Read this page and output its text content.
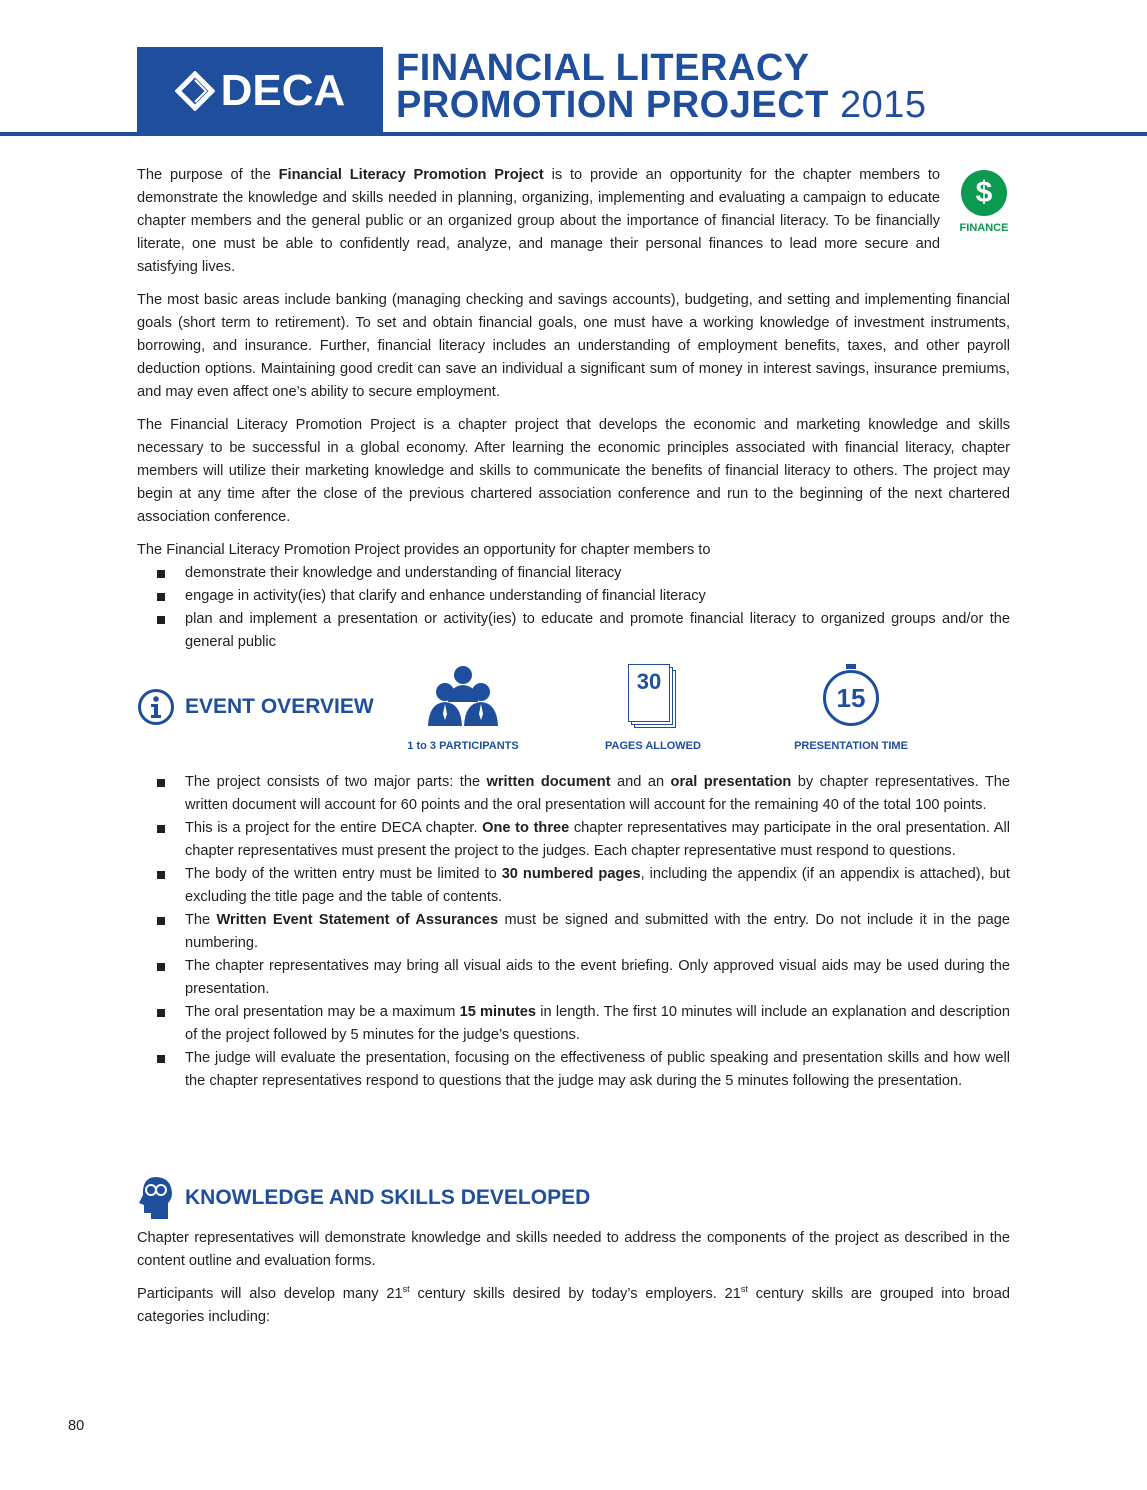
DECA FINANCIAL LITERACY
PROMOTION PROJECT 2015
$
FINANCE

The purpose of the Financial Literacy Promotion Project is to provide an opportunity for the chapter members to demonstrate the knowledge and skills needed in planning, organizing, implementing and evaluating a campaign to educate chapter members and the general public or an organized group about the importance of financial literacy. To be financially literate, one must be able to confidently read, analyze, and manage their personal finances to lead more secure and satisfying lives.

The most basic areas include banking (managing checking and savings accounts), budgeting, and setting and implementing financial goals (short term to retirement). To set and obtain financial goals, one must have a working knowledge of investment instruments, borrowing, and insurance. Further, financial literacy includes an understanding of employment benefits, taxes, and other payroll deduction options. Maintaining good credit can save an individual a significant sum of money in interest savings, insurance premiums, and may even affect one’s ability to secure employment.

The Financial Literacy Promotion Project is a chapter project that develops the economic and marketing knowledge and skills necessary to be successful in a global economy. After learning the economic principles associated with financial literacy, chapter members will utilize their marketing knowledge and skills to communicate the benefits of financial literacy to others. The project may begin at any time after the close of the previous chartered association conference and run to the beginning of the next chartered association conference.

The Financial Literacy Promotion Project provides an opportunity for chapter members to

demonstrate their knowledge and understanding of financial literacy
engage in activity(ies) that clarify and enhance understanding of financial literacy
plan and implement a presentation or activity(ies) to educate and promote financial literacy to organized groups and/or the general public
EVENT OVERVIEW
1 to 3 PARTICIPANTS
30
PAGES ALLOWED
15
PRESENTATION TIME
The project consists of two major parts: the written document and an oral presentation by chapter representatives. The written document will account for 60 points and the oral presentation will account for the remaining 40 of the total 100 points.
This is a project for the entire DECA chapter. One to three chapter representatives may participate in the oral presentation. All chapter representatives must present the project to the judges. Each chapter representative must respond to questions.
The body of the written entry must be limited to 30 numbered pages, including the appendix (if an appendix is attached), but excluding the title page and the table of contents.
The Written Event Statement of Assurances must be signed and submitted with the entry. Do not include it in the page numbering.
The chapter representatives may bring all visual aids to the event briefing. Only approved visual aids may be used during the presentation.
The oral presentation may be a maximum 15 minutes in length. The first 10 minutes will include an explanation and description of the project followed by 5 minutes for the judge’s questions.
The judge will evaluate the presentation, focusing on the effectiveness of public speaking and presentation skills and how well the chapter representatives respond to questions that the judge may ask during the 5 minutes following the presentation.
KNOWLEDGE AND SKILLS DEVELOPED

Chapter representatives will demonstrate knowledge and skills needed to address the components of the project as described in the content outline and evaluation forms.

Participants will also develop many 21st century skills desired by today’s employers. 21st century skills are grouped into broad categories including:

80
